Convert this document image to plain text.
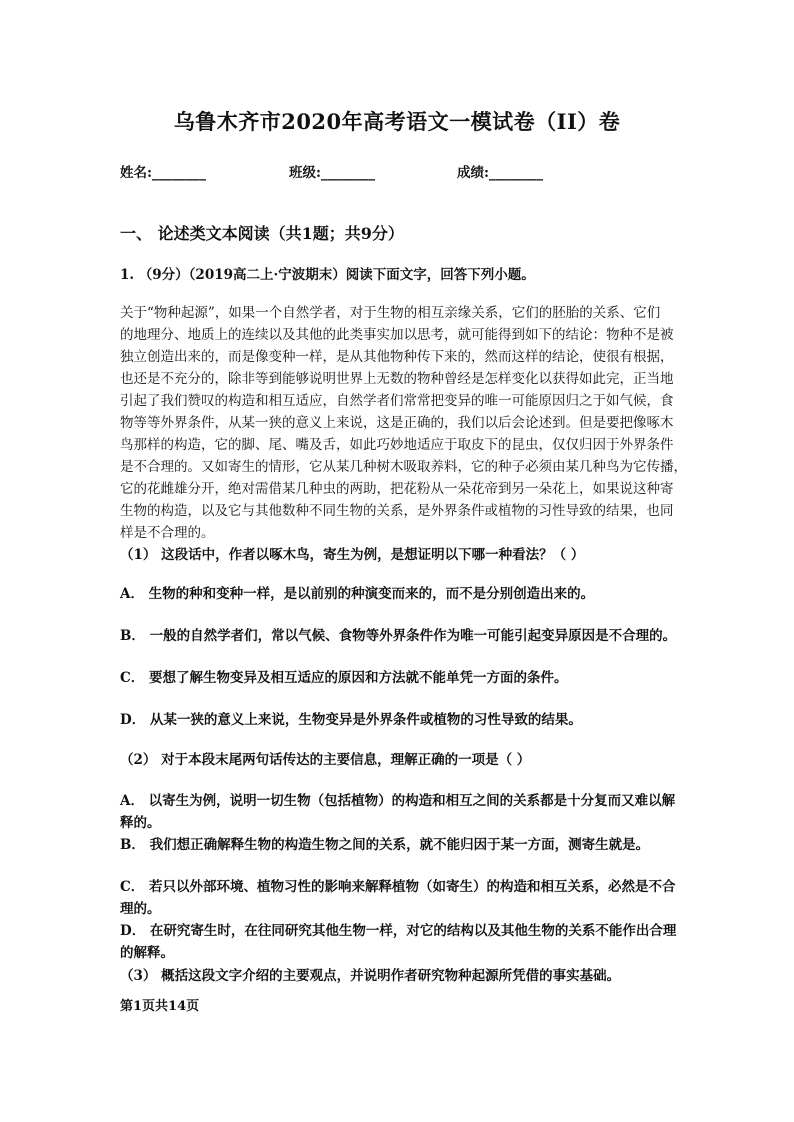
乌鲁木齐市2020年高考语文一模试卷（II）卷
姓名:________	班级:________	成绩:________
一、 论述类文本阅读（共1题；共9分）
1. （9分）（2019高二上·宁波期末）阅读下面文字，回答下列小题。
关于“物种起源”，如果一个自然学者，对于生物的相互亲缘关系，它们的胚胎的关系、它们
的地理分、地质上的连续以及其他的此类事实加以思考，就可能得到如下的结论：物种不是被
独立创造出来的，而是像变种一样，是从其他物种传下来的，然而这样的结论，使很有根据，
也还是不充分的，除非等到能够说明世界上无数的物种曾经是怎样变化以获得如此完，正当地
引起了我们赞叹的构造和相互适应，自然学者们常常把变异的唯一可能原因归之于如气候，食
物等等外界条件，从某一狭的意义上来说，这是正确的，我们以后会论述到。但是要把像啄木
鸟那样的构造，它的脚、尾、嘴及舌，如此巧妙地适应于取皮下的昆虫，仅仅归因于外界条件
是不合理的。又如寄生的情形，它从某几种树木吸取养料，它的种子必须由某几种鸟为它传播，
它的花雌雄分开，绝对需借某几种虫的两助，把花粉从一朵花帝到另一朵花上，如果说这种寄
生物的构造，以及它与其他数种不同生物的关系，是外界条件或植物的习性导致的结果，也同
样是不合理的。
（1） 这段话中，作者以啄木鸟，寄生为例，是想证明以下哪一种看法？（ ）
A． 生物的种和变种一样，是以前别的种演变而来的，而不是分别创造出来的。
B． 一般的自然学者们，常以气候、食物等外界条件作为唯一可能引起变异原因是不合理的。
C． 要想了解生物变异及相互适应的原因和方法就不能单凭一方面的条件。
D． 从某一狭的意义上来说，生物变异是外界条件或植物的习性导致的结果。
（2） 对于本段末尾两句话传达的主要信息，理解正确的一项是（ ）
A． 以寄生为例，说明一切生物（包括植物）的构造和相互之间的关系都是十分复而又难以解
释的。
B． 我们想正确解释生物的构造生物之间的关系，就不能归因于某一方面，测寄生就是。
C． 若只以外部环境、植物习性的影响来解释植物（如寄生）的构造和相互关系，必然是不合
理的。
D． 在研究寄生时，在往同研究其他生物一样，对它的结构以及其他生物的关系不能作出合理
的解释。
（3） 概括这段文字介绍的主要观点，并说明作者研究物种起源所凭借的事实基础。
第1页共14页
